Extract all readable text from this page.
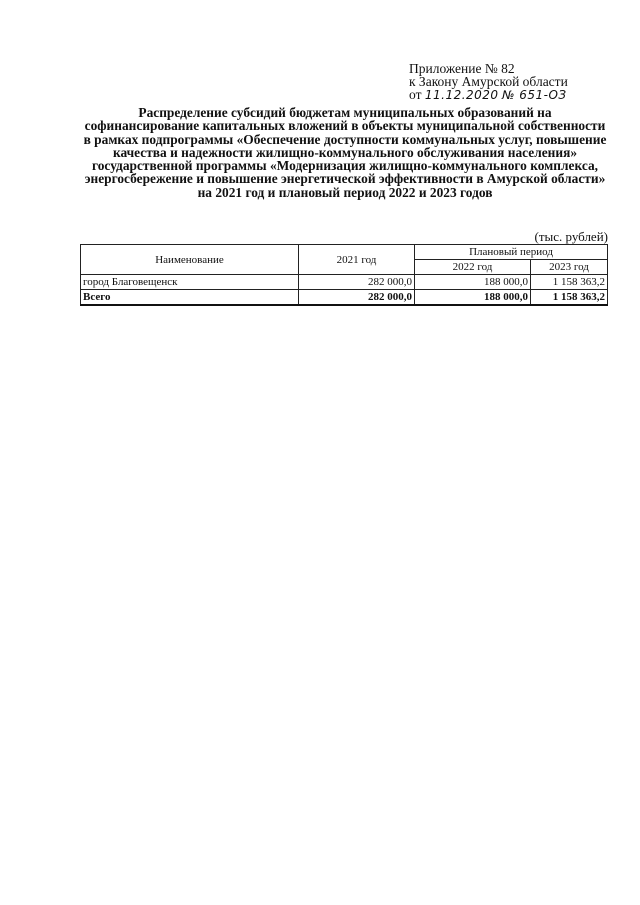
Приложение № 82
к Закону Амурской области
от 11.12.2020 № 651-ОЗ
Распределение субсидий бюджетам муниципальных образований на софинансирование капитальных вложений в объекты муниципальной собственности в рамках подпрограммы «Обеспечение доступности коммунальных услуг, повышение качества и надежности жилищно-коммунального обслуживания населения» государственной программы «Модернизация жилищно-коммунального комплекса, энергосбережение и повышение энергетической эффективности в Амурской области» на 2021 год и плановый период 2022 и 2023 годов
(тыс. рублей)
Наименование	2021 год	Плановый период	
		2022 год	2023 год
город Благовещенск	282 000,0	188 000,0	1 158 363,2
Всего	282 000,0	188 000,0	1 158 363,2
